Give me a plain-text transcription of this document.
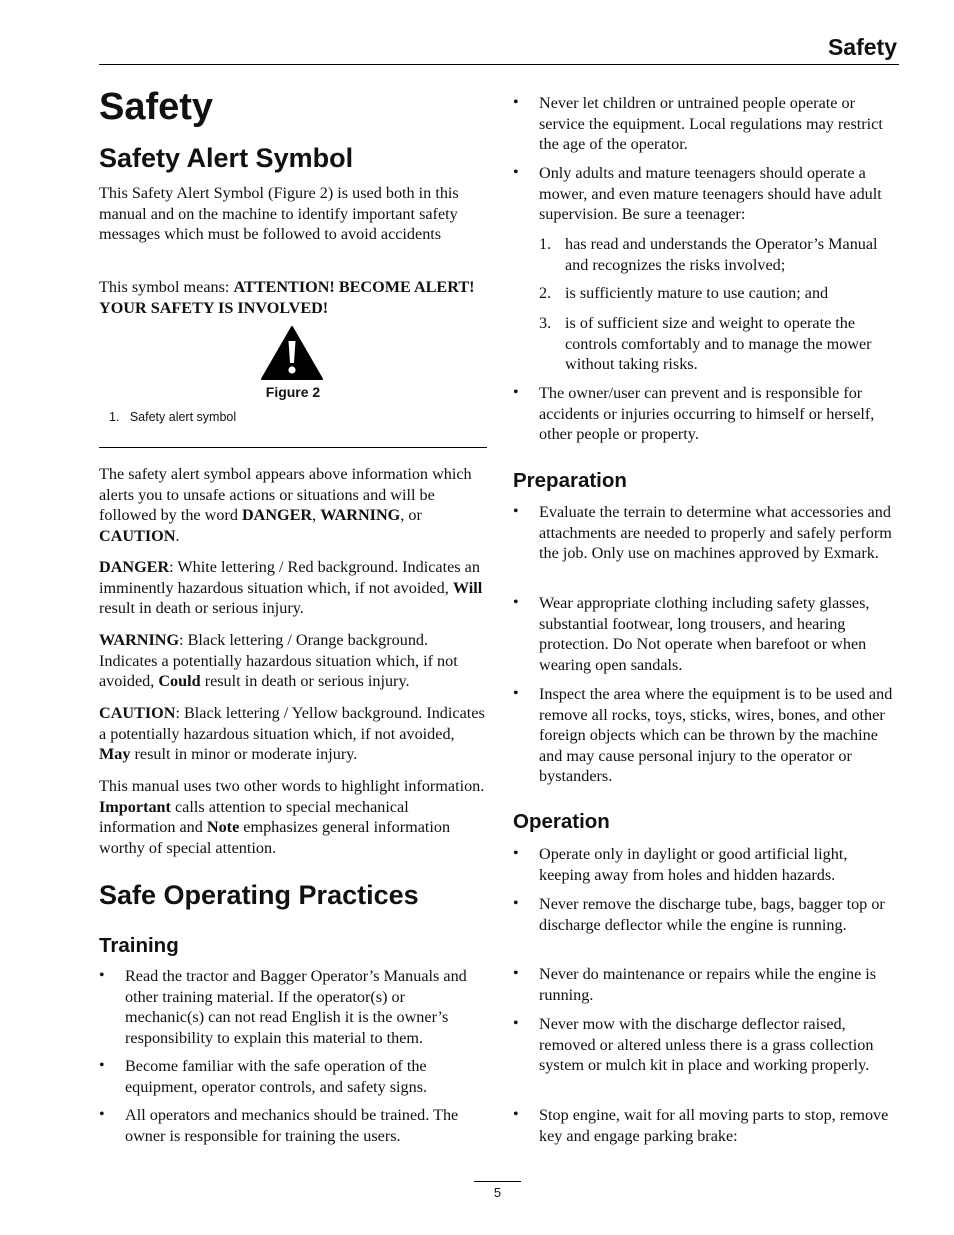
Safety
Safety
Safety Alert Symbol

This Safety Alert Symbol (Figure 2) is used both in this manual and on the machine to identify important safety messages which must be followed to avoid accidents

This symbol means: ATTENTION! BECOME ALERT! YOUR SAFETY IS INVOLVED!

Figure 2
1.   Safety alert symbol

The safety alert symbol appears above information which alerts you to unsafe actions or situations and will be followed by the word DANGER, WARNING, or CAUTION.

DANGER: White lettering / Red background. Indicates an imminently hazardous situation which, if not avoided, Will result in death or serious injury.

WARNING: Black lettering / Orange background. Indicates a potentially hazardous situation which, if not avoided, Could result in death or serious injury.

CAUTION: Black lettering / Yellow background. Indicates a potentially hazardous situation which, if not avoided, May result in minor or moderate injury.

This manual uses two other words to highlight information. Important calls attention to special mechanical information and Note emphasizes general information worthy of special attention.

Safe Operating Practices
Training
•	Read the tractor and Bagger Operator’s Manuals and other training material. If the operator(s) or mechanic(s) can not read English it is the owner’s responsibility to explain this material to them.

•	Become familiar with the safe operation of the equipment, operator controls, and safety signs.

•	All operators and mechanics should be trained. The owner is responsible for training the users.

•	Never let children or untrained people operate or service the equipment. Local regulations may restrict the age of the operator.

•	Only adults and mature teenagers should operate a mower, and even mature teenagers should have adult supervision. Be sure a teenager:

1. has read and understands the Operator’s Manual and recognizes the risks involved;

2. is sufficiently mature to use caution; and

3. is of sufficient size and weight to operate the controls comfortably and to manage the mower without taking risks.

•	The owner/user can prevent and is responsible for accidents or injuries occurring to himself or herself, other people or property.

Preparation
•	Evaluate the terrain to determine what accessories and attachments are needed to properly and safely perform the job. Only use on machines approved by Exmark.

•	Wear appropriate clothing including safety glasses, substantial footwear, long trousers, and hearing protection. Do Not operate when barefoot or when wearing open sandals.

•	Inspect the area where the equipment is to be used and remove all rocks, toys, sticks, wires, bones, and other foreign objects which can be thrown by the machine and may cause personal injury to the operator or bystanders.

Operation
•	Operate only in daylight or good artificial light, keeping away from holes and hidden hazards.

•	Never remove the discharge tube, bags, bagger top or discharge deflector while the engine is running.

•	Never do maintenance or repairs while the engine is running.

•	Never mow with the discharge deflector raised, removed or altered unless there is a grass collection system or mulch kit in place and working properly.

•	Stop engine, wait for all moving parts to stop, remove key and engage parking brake:

5
